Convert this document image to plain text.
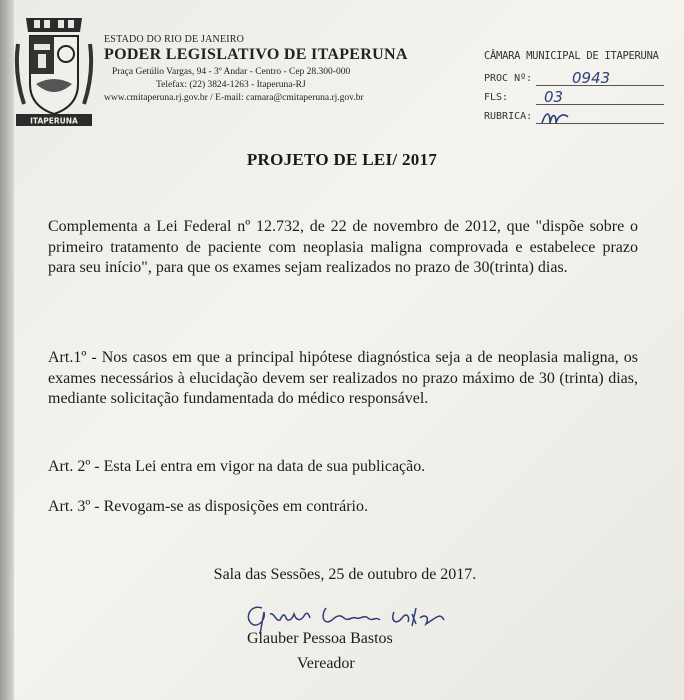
ITAPERUNA
ESTADO DO RIO DE JANEIRO
PODER LEGISLATIVO DE ITAPERUNA
Praça Getúlio Vargas, 94 - 3º Andar - Centro - Cep 28.300-000
Telefax: (22) 3824-1263 - Itaperuna-RJ
www.cmitaperuna.rj.gov.br / E-mail: camara@cmitaperuna.rj.gov.br
CÂMARA MUNICIPAL DE ITAPERUNA
PROC Nº:	0943
FLS: 03
RUBRICA:
PROJETO DE LEI/ 2017
Complementa a Lei Federal nº 12.732, de 22 de novembro de 2012, que "dispõe sobre o primeiro tratamento de paciente com neoplasia maligna comprovada e estabelece prazo para seu início", para que os exames sejam realizados no prazo de 30(trinta) dias.
Art.1º - Nos casos em que a principal hipótese diagnóstica seja a de neoplasia maligna, os exames necessários à elucidação devem ser realizados no prazo máximo de 30 (trinta) dias, mediante solicitação fundamentada do médico responsável.
Art. 2º - Esta Lei entra em vigor na data de sua publicação.
Art. 3º - Revogam-se as disposições em contrário.
Sala das Sessões, 25 de outubro de 2017.
Glauber Pessoa Bastos
Vereador
